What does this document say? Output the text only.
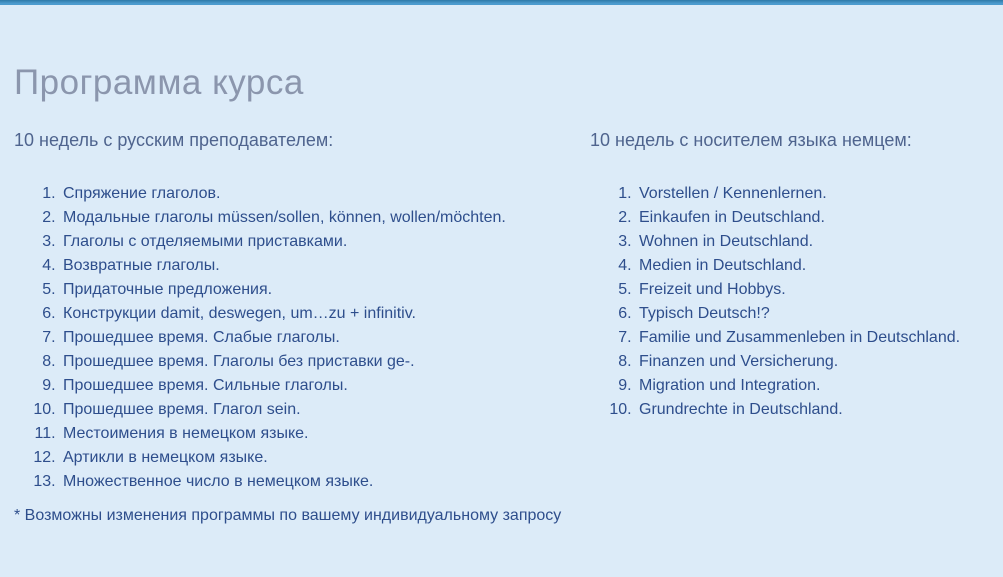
Программа курса
10 недель с русским преподавателем:
1. Спряжение глаголов.
2. Модальные глаголы müssen/sollen, können, wollen/möchten.
3. Глаголы с отделяемыми приставками.
4. Возвратные глаголы.
5. Придаточные предложения.
6. Конструкции damit, deswegen, um…zu + infinitiv.
7. Прошедшее время. Слабые глаголы.
8. Прошедшее время. Глаголы без приставки ge-.
9. Прошедшее время. Сильные глаголы.
10. Прошедшее время. Глагол sein.
11. Местоимения в немецком языке.
12. Артикли в немецком языке.
13. Множественное число в немецком языке.
10 недель с носителем языка немцем:
1. Vorstellen / Kennenlernen.
2. Einkaufen in Deutschland.
3. Wohnen in Deutschland.
4. Medien in Deutschland.
5. Freizeit und Hobbys.
6. Typisch Deutsch!?
7. Familie und Zusammenleben in Deutschland.
8. Finanzen und Versicherung.
9. Migration und Integration.
10. Grundrechte in Deutschland.

* Возможны изменения программы по вашему индивидуальному запросу
